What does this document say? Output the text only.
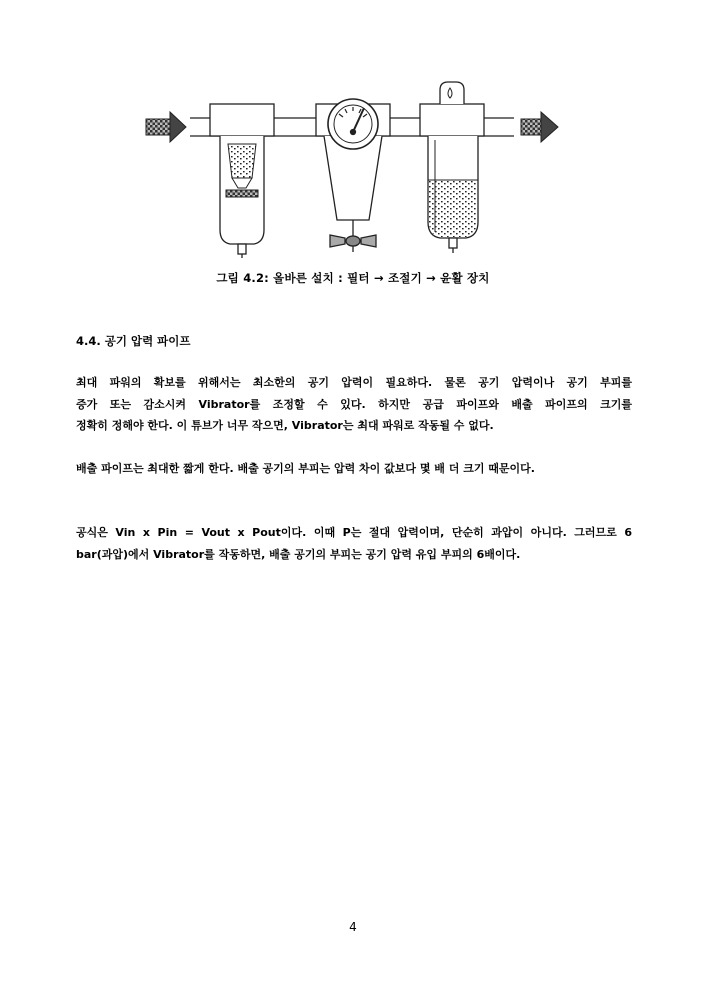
그림 4.2: 올바른 설치 : 필터 → 조절기 → 윤활 장치
4.4. 공기 압력 파이프
최대 파워의 확보를 위해서는 최소한의 공기 압력이 필요하다. 물론 공기 압력이나 공기 부피를
증가 또는 감소시켜 Vibrator를 조정할 수 있다. 하지만 공급 파이프와 배출 파이프의 크기를
정확히 정해야 한다. 이 튜브가 너무 작으면, Vibrator는 최대 파워로 작동될 수 없다.
배출 파이프는 최대한 짧게 한다. 배출 공기의 부피는 압력 차이 값보다 몇 배 더 크기 때문이다.
공식은 Vin x Pin = Vout x Pout이다. 이때 P는 절대 압력이며, 단순히 과압이 아니다. 그러므로 6
bar(과압)에서 Vibrator를 작동하면, 배출 공기의 부피는 공기 압력 유입 부피의 6배이다.
4
